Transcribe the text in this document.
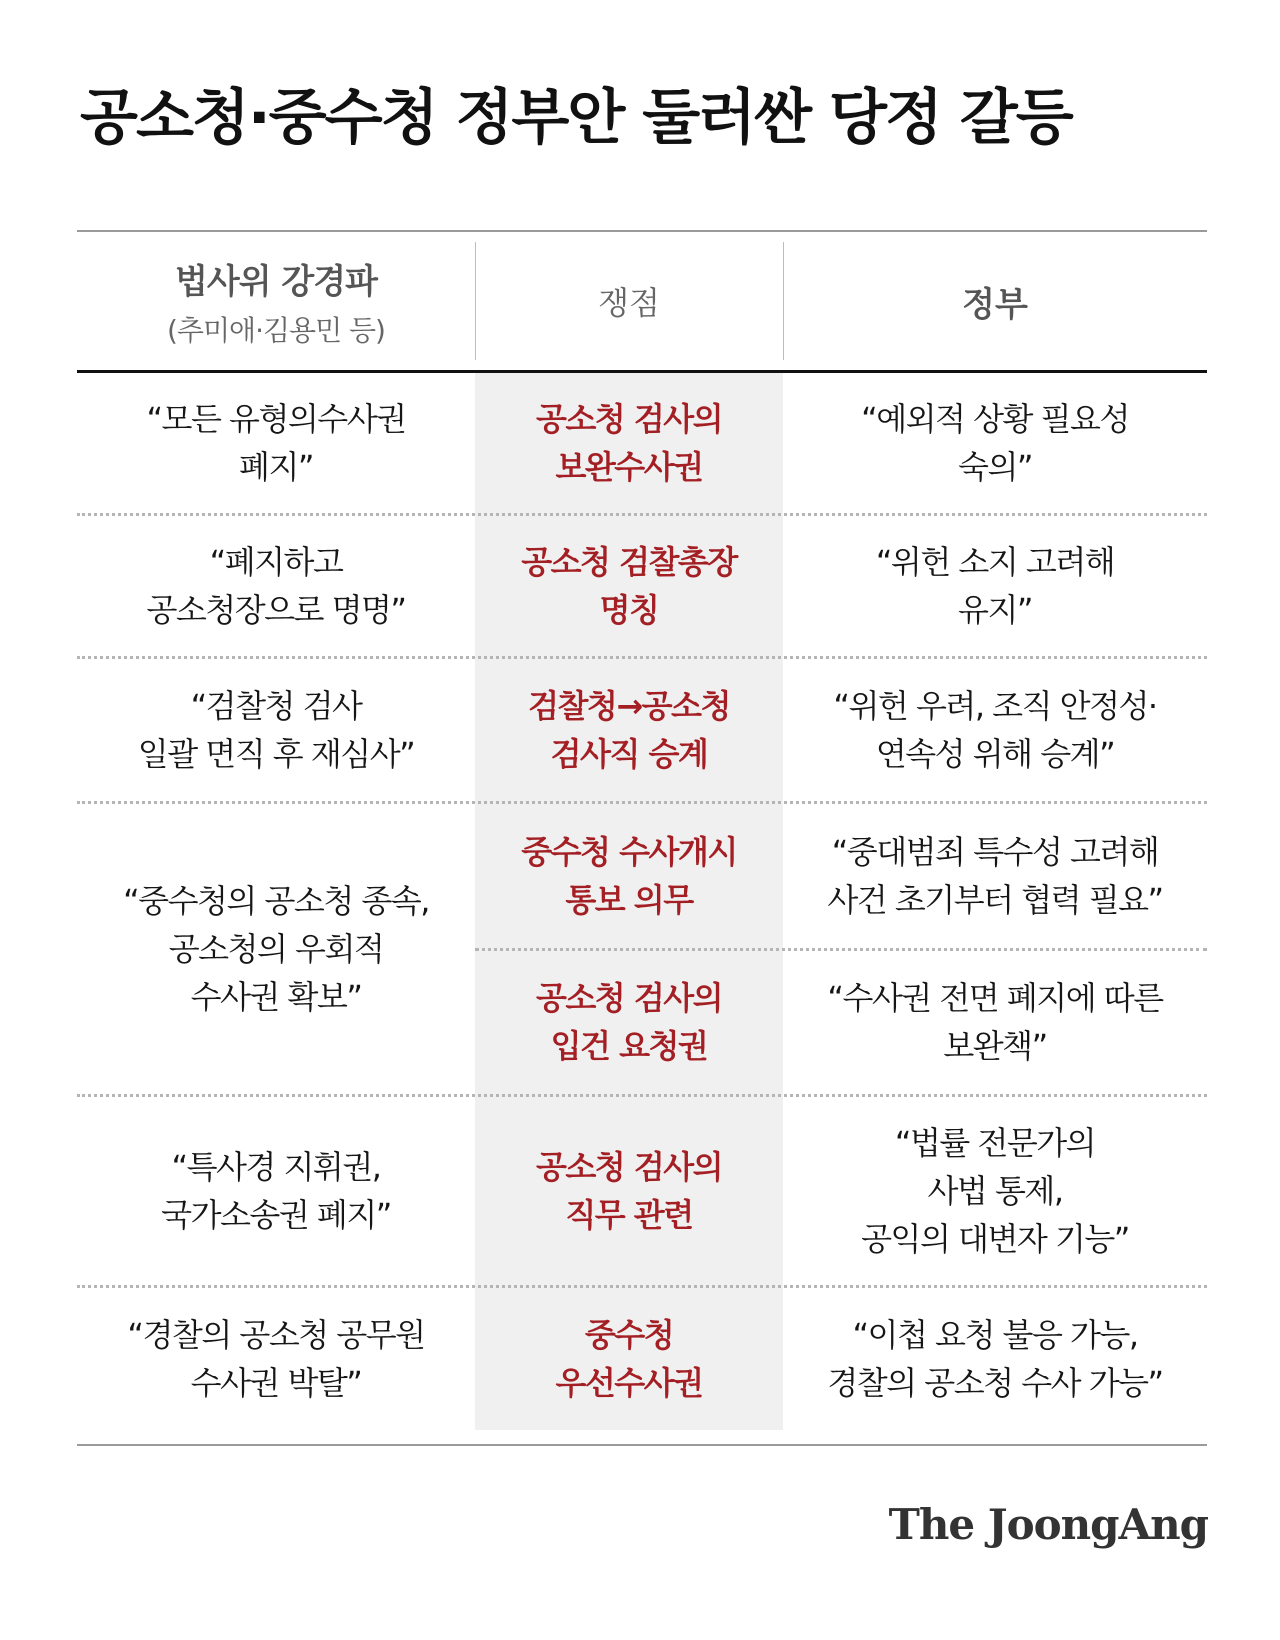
공소청·중수청 정부안 둘러싼 당정 갈등
법사위 강경파
(추미애·김용민 등)
쟁점	정부
“모든 유형의수사권
폐지”
공소청 검사의
보완수사권
“예외적 상황 필요성
숙의”
“폐지하고
공소청장으로 명명”
공소청 검찰총장
명칭
“위헌 소지 고려해
유지”
“검찰청 검사
일괄 면직 후 재심사”
검찰청→공소청
검사직 승계
“위헌 우려, 조직 안정성·
연속성 위해 승계”
“중수청의 공소청 종속,
공소청의 우회적
수사권 확보”
중수청 수사개시
통보 의무
“중대범죄 특수성 고려해
사건 초기부터 협력 필요”
공소청 검사의
입건 요청권
“수사권 전면 폐지에 따른
보완책”
“특사경 지휘권,
국가소송권 폐지”
공소청 검사의
직무 관련
“법률 전문가의
사법 통제,
공익의 대변자 기능”
“경찰의 공소청 공무원
수사권 박탈”
중수청
우선수사권
“이첩 요청 불응 가능,
경찰의 공소청 수사 가능”
The JoongAng
